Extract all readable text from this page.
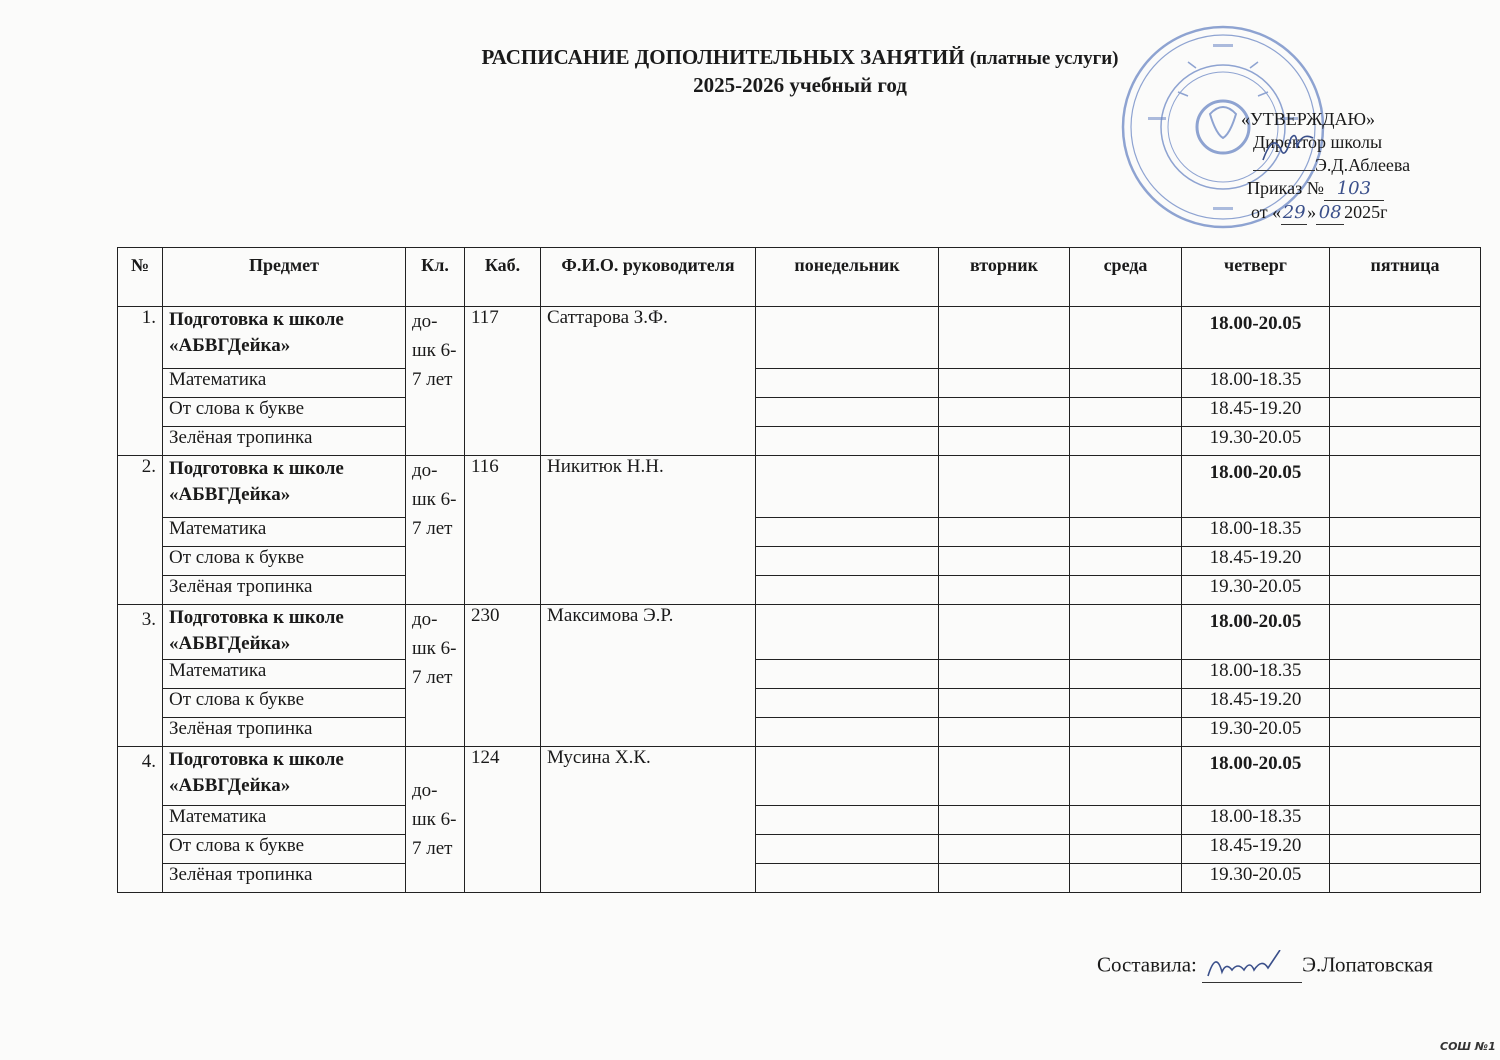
РАСПИСАНИЕ ДОПОЛНИТЕЛЬНЫХ ЗАНЯТИЙ (платные услуги)
2025-2026 учебный год
«УТВЕРЖДАЮ»
Директор школы
Э.Д.Аблеева
Приказ № 103
от «29» 08 2025г
№	Предмет	Кл.	Каб.	Ф.И.О. руководителя	понедельник	вторник	среда	четверг	пятница
1.	Подготовка к школе «АБВГДейка»	до-шк 6-7 лет	117	Саттарова З.Ф.				18.00-20.05	
	Математика							18.00-18.35	
	От слова к букве							18.45-19.20	
	Зелёная тропинка							19.30-20.05	
2.	Подготовка к школе «АБВГДейка»	до-шк 6-7 лет	116	Никитюк Н.Н.				18.00-20.05	
	Математика							18.00-18.35	
	От слова к букве							18.45-19.20	
	Зелёная тропинка							19.30-20.05	
3.	Подготовка к школе «АБВГДейка»	до-шк 6-7 лет	230	Максимова Э.Р.				18.00-20.05	
	Математика							18.00-18.35	
	От слова к букве							18.45-19.20	
	Зелёная тропинка							19.30-20.05	
4.	Подготовка к школе «АБВГДейка»	до-шк 6-7 лет	124	Мусина Х.К.				18.00-20.05	
	Математика							18.00-18.35	
	От слова к букве							18.45-19.20	
	Зелёная тропинка							19.30-20.05	
Составила:	Э.Лопатовская
СОШ №1
